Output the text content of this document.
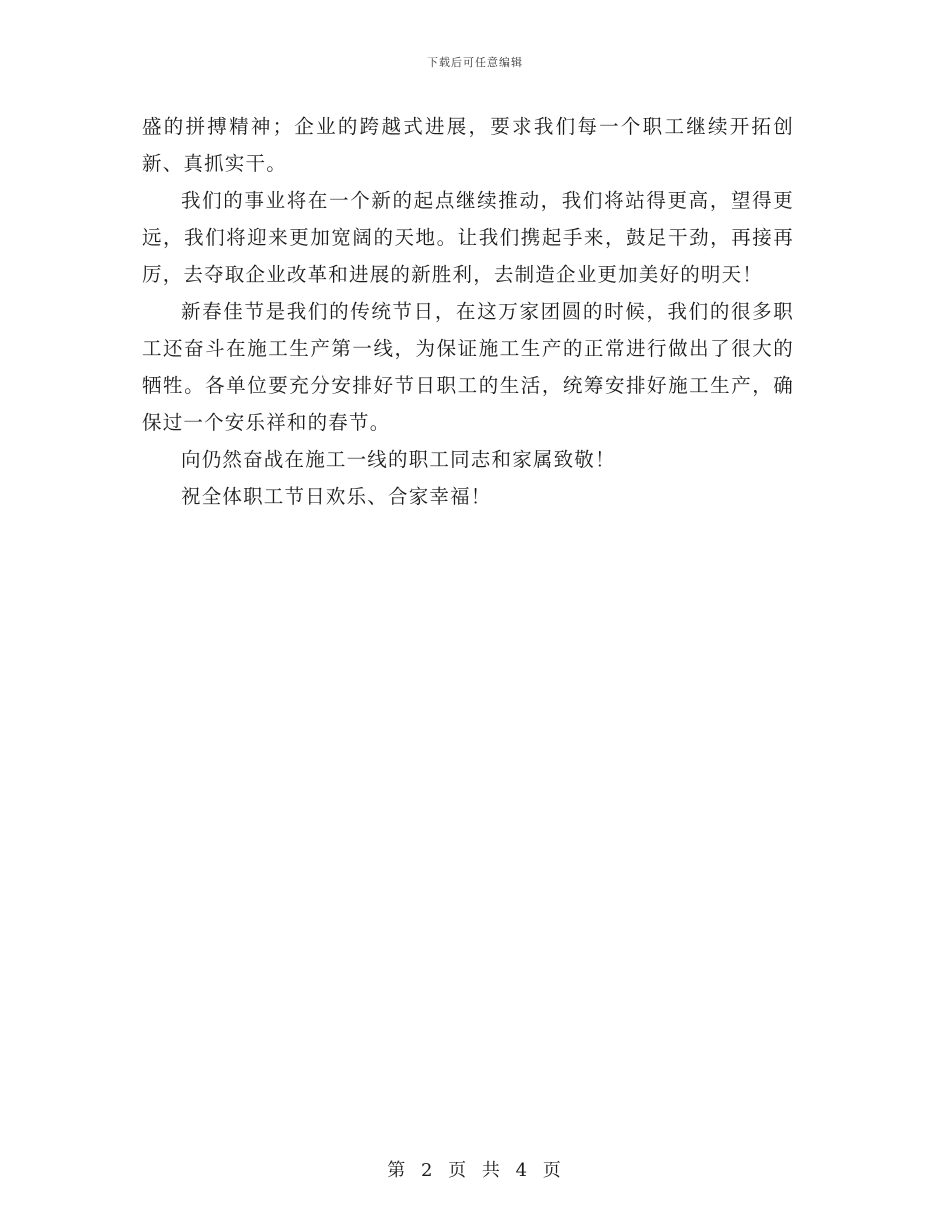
下载后可任意编辑

盛的拼搏精神；企业的跨越式进展，要求我们每一个职工继续开拓创新、真抓实干。

我们的事业将在一个新的起点继续推动，我们将站得更高，望得更远，我们将迎来更加宽阔的天地。让我们携起手来，鼓足干劲，再接再厉，去夺取企业改革和进展的新胜利，去制造企业更加美好的明天！

新春佳节是我们的传统节日，在这万家团圆的时候，我们的很多职工还奋斗在施工生产第一线，为保证施工生产的正常进行做出了很大的牺牲。各单位要充分安排好节日职工的生活，统筹安排好施工生产，确保过一个安乐祥和的春节。

向仍然奋战在施工一线的职工同志和家属致敬！

祝全体职工节日欢乐、合家幸福！

第 2 页 共 4 页
